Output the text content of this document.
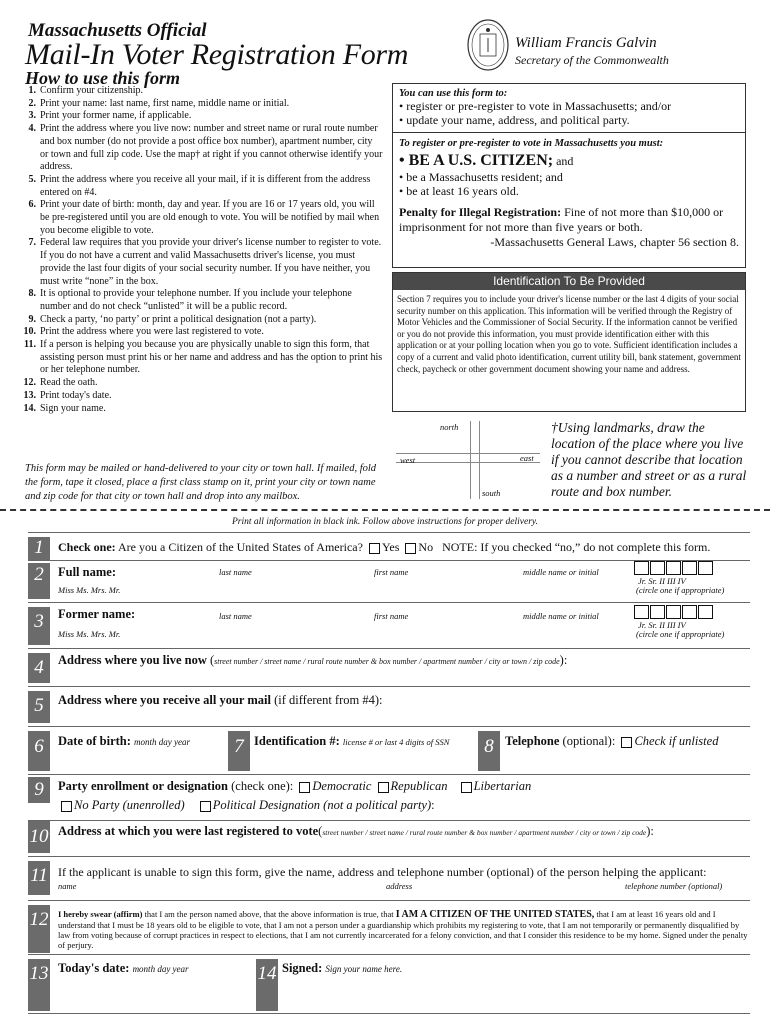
Massachusetts Official
Mail-In Voter Registration Form
How to use this form
William Francis Galvin
Secretary of the Commonwealth
1. Confirm your citizenship.
2. Print your name: last name, first name, middle name or initial.
3. Print your former name, if applicable.
4. Print the address where you live now: number and street name or rural route number and box number (do not provide a post office box number), apartment number, city or town and full zip code. Use the map† at right if you cannot otherwise identify your address.
5. Print the address where you receive all your mail, if it is different from the address entered on #4.
6. Print your date of birth: month, day and year. If you are 16 or 17 years old, you will be pre-registered until you are old enough to vote. You will be notified by mail when you become eligible to vote.
7. Federal law requires that you provide your driver's license number to register to vote. If you do not have a current and valid Massachusetts driver's license, you must provide the last four digits of your social security number. If you have neither, you must write “none” in the box.
8. It is optional to provide your telephone number. If you include your telephone number and do not check “unlisted” it will be a public record.
9. Check a party, ‘no party’ or print a political designation (not a party).
10. Print the address where you were last registered to vote.
11. If a person is helping you because you are physically unable to sign this form, that assisting person must print his or her name and address and has the option to print his or her telephone number.
12. Read the oath.
13. Print today's date.
14. Sign your name.
This form may be mailed or hand-delivered to your city or town hall. If mailed, fold the form, tape it closed, place a first class stamp on it, print your city or town name and zip code for that city or town hall and drop into any mailbox.
You can use this form to:
• register or pre-register to vote in Massachusetts; and/or
• update your name, address, and political party.
To register or pre-register to vote in Massachusetts you must:
• BE A U.S. CITIZEN; and
• be a Massachusetts resident; and
• be at least 16 years old.
Penalty for Illegal Registration: Fine of not more than $10,000 or imprisonment for not more than five years or both.
-Massachusetts General Laws, chapter 56 section 8.
Identification To Be Provided
Section 7 requires you to include your driver's license number or the last 4 digits of your social security number on this application. This information will be verified through the Registry of Motor Vehicles and the Commissioner of Social Security. If the information cannot be verified or you do not provide this information, you must provide identification either with this application or at your polling location when you go to vote. Sufficient identification includes a copy of a current and valid photo identification, current utility bill, bank statement, government check, paycheck or other government document showing your name and address.
north
west	east
south
†Using landmarks, draw the location of the place where you live if you cannot describe that location as a number and street or as a rural route and box number.
Print all information in black ink. Follow above instructions for proper delivery.
1	Check one: Are you a Citizen of the United States of America? Yes No NOTE: If you checked “no,” do not complete this form.
2	Full name:	last name	first name	middle name or initial
Miss Ms. Mrs. Mr.
Jr. Sr. II III IV
(circle one if appropriate)
3	Former name:	last name	first name	middle name or initial
Miss Ms. Mrs. Mr.
Jr. Sr. II III IV
(circle one if appropriate)
4	Address where you live now (street number / street name / rural route number & box number / apartment number / city or town / zip code):
5	Address where you receive all your mail (if different from #4):
6	Date of birth: month day year	7 Identification #: license # or last 4 digits of SSN	8 Telephone (optional): Check if unlisted
9	Party enrollment or designation (check one): Democratic Republican Libertarian
No Party (unenrolled) Political Designation (not a political party):
10 Address at which you were last registered to vote(street number / street name / rural route number & box number / apartment number / city or town / zip code):
11 If the applicant is unable to sign this form, give the name, address and telephone number (optional) of the person helping the applicant:
name	address	telephone number (optional)
12 I hereby swear (affirm) that I am the person named above, that the above information is true, that I AM A CITIZEN OF THE UNITED STATES, that I am at least 16 years old and I understand that I must be 18 years old to be eligible to vote, that I am not a person under a guardianship which prohibits my registering to vote, that I am not temporarily or permanently disqualified by law from voting because of corrupt practices in respect to elections, that I am not currently incarcerated for a felony conviction, and that I consider this residence to be my home. Signed under the penalty of perjury.
13 Today's date: month day year	14 Signed: Sign your name here.
